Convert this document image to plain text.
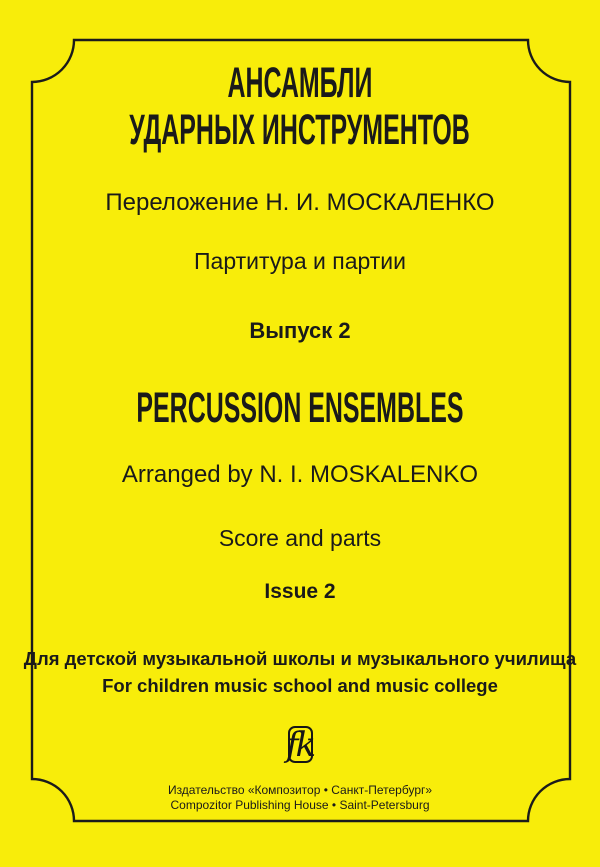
АНСАМБЛИ
УДАРНЫХ ИНСТРУМЕНТОВ
Переложение Н. И. МОСКАЛЕНКО
Партитура и партии
Выпуск 2
PERCUSSION ENSEMBLES
Arranged by N. I. MOSKALENKO
Score and parts
Issue 2
Для детской музыкальной школы и музыкального училища
For children music school and music college
fk
Издательство «Композитор • Санкт-Петербург»
Compozitor Publishing House • Saint-Petersburg
